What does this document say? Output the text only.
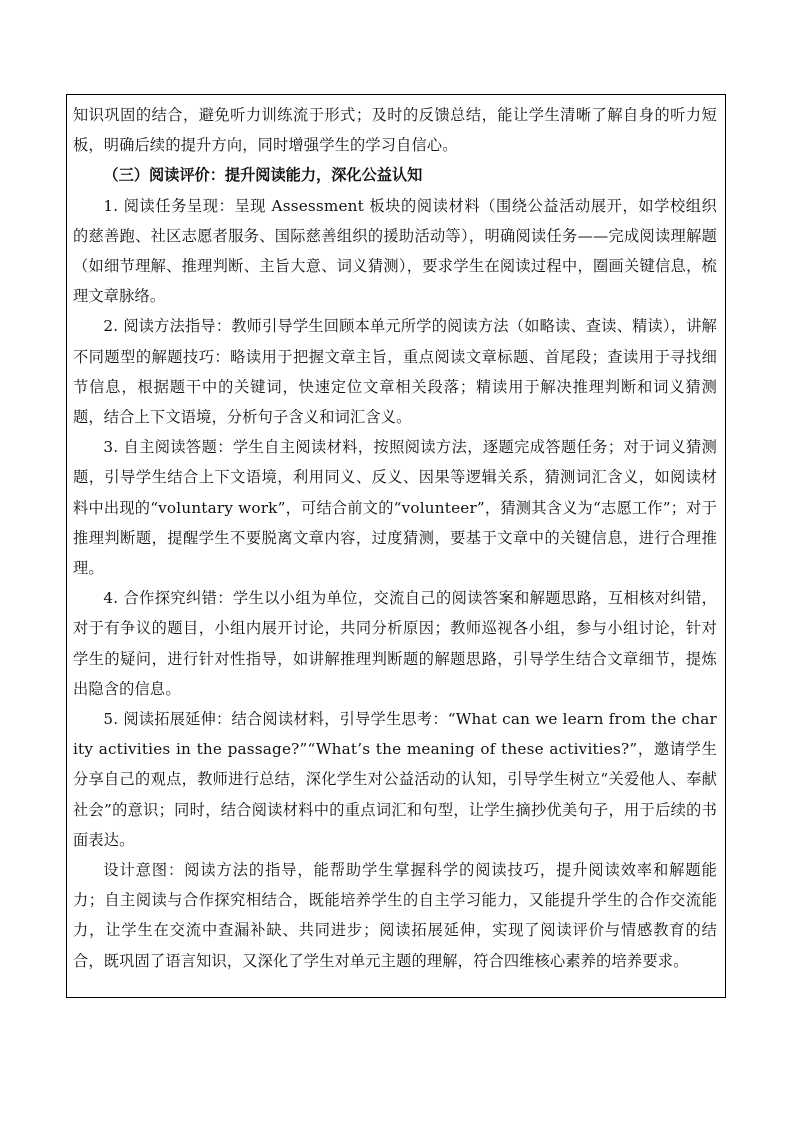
知识巩固的结合，避免听力训练流于形式；及时的反馈总结，能让学生清晰了解自身的听力短板，明确后续的提升方向，同时增强学生的学习自信心。

（三）阅读评价：提升阅读能力，深化公益认知

1. 阅读任务呈现：呈现 Assessment 板块的阅读材料（围绕公益活动展开，如学校组织的慈善跑、社区志愿者服务、国际慈善组织的援助活动等），明确阅读任务——完成阅读理解题（如细节理解、推理判断、主旨大意、词义猜测），要求学生在阅读过程中，圈画关键信息，梳理文章脉络。

2. 阅读方法指导：教师引导学生回顾本单元所学的阅读方法（如略读、查读、精读），讲解不同题型的解题技巧：略读用于把握文章主旨，重点阅读文章标题、首尾段；查读用于寻找细节信息，根据题干中的关键词，快速定位文章相关段落；精读用于解决推理判断和词义猜测题，结合上下文语境，分析句子含义和词汇含义。

3. 自主阅读答题：学生自主阅读材料，按照阅读方法，逐题完成答题任务；对于词义猜测题，引导学生结合上下文语境，利用同义、反义、因果等逻辑关系，猜测词汇含义，如阅读材料中出现的“voluntary work”，可结合前文的“volunteer”，猜测其含义为“志愿工作”；对于推理判断题，提醒学生不要脱离文章内容，过度猜测，要基于文章中的关键信息，进行合理推理。

4. 合作探究纠错：学生以小组为单位，交流自己的阅读答案和解题思路，互相核对纠错，对于有争议的题目，小组内展开讨论，共同分析原因；教师巡视各小组，参与小组讨论，针对学生的疑问，进行针对性指导，如讲解推理判断题的解题思路，引导学生结合文章细节，提炼出隐含的信息。

5. 阅读拓展延伸：结合阅读材料，引导学生思考：“What can we learn from the charity activities in the passage?”“What’s the meaning of these activities?”，邀请学生分享自己的观点，教师进行总结，深化学生对公益活动的认知，引导学生树立“关爱他人、奉献社会”的意识；同时，结合阅读材料中的重点词汇和句型，让学生摘抄优美句子，用于后续的书面表达。

设计意图：阅读方法的指导，能帮助学生掌握科学的阅读技巧，提升阅读效率和解题能力；自主阅读与合作探究相结合，既能培养学生的自主学习能力，又能提升学生的合作交流能力，让学生在交流中查漏补缺、共同进步；阅读拓展延伸，实现了阅读评价与情感教育的结合，既巩固了语言知识，又深化了学生对单元主题的理解，符合四维核心素养的培养要求。
